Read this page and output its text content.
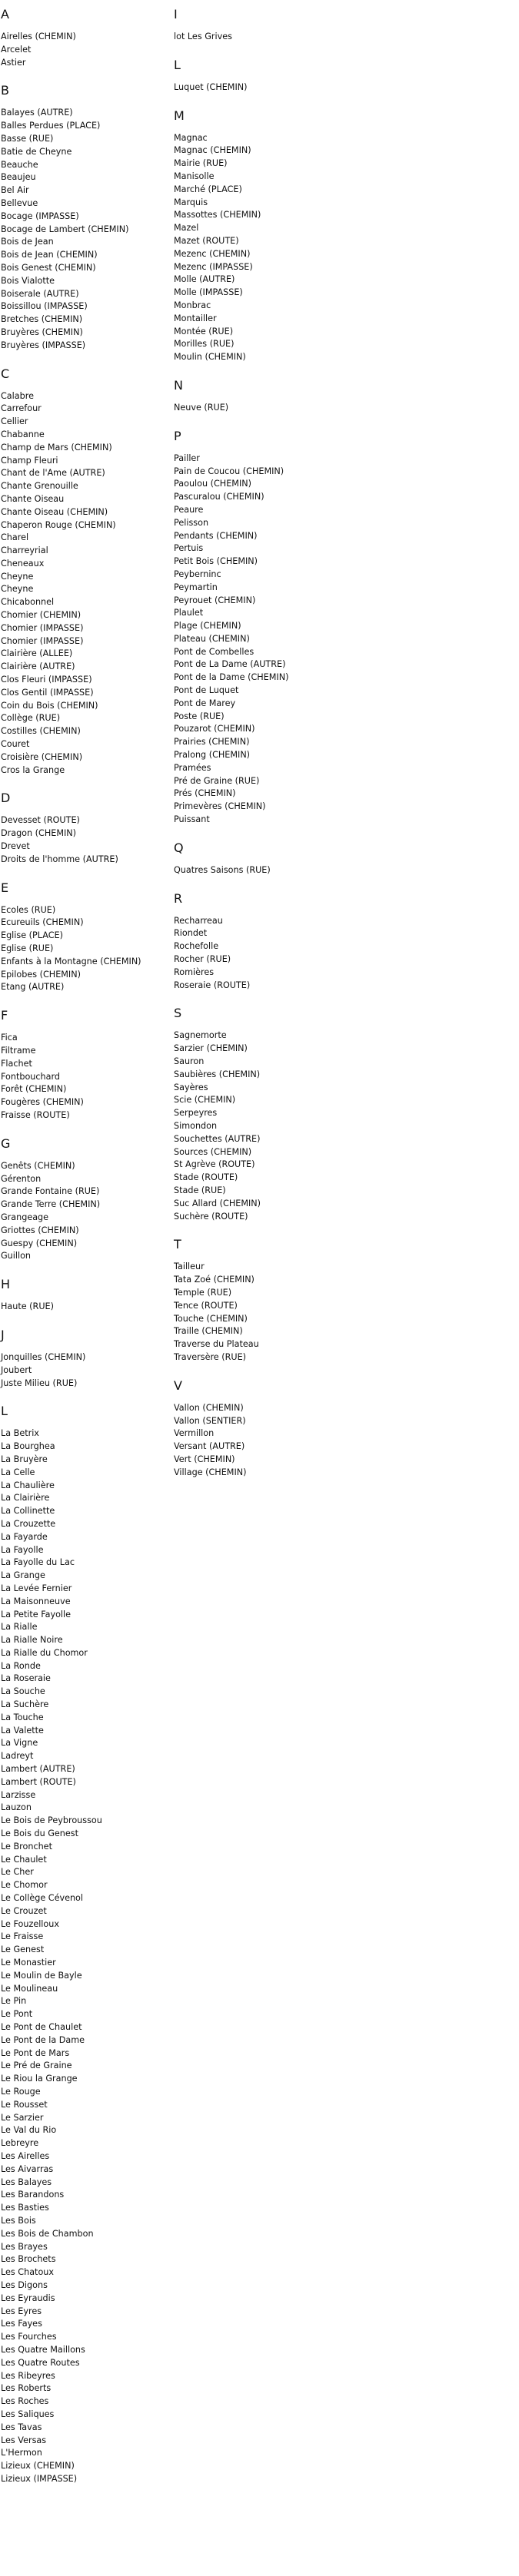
A
Airelles (CHEMIN)
Arcelet
Astier
B
Balayes (AUTRE)
Balles Perdues (PLACE)
Basse (RUE)
Batie de Cheyne
Beauche
Beaujeu
Bel Air
Bellevue
Bocage (IMPASSE)
Bocage de Lambert (CHEMIN)
Bois de Jean
Bois de Jean (CHEMIN)
Bois Genest (CHEMIN)
Bois Vialotte
Boiserale (AUTRE)
Boissillou (IMPASSE)
Bretches (CHEMIN)
Bruyères (CHEMIN)
Bruyères (IMPASSE)
C
Calabre
Carrefour
Cellier
Chabanne
Champ de Mars (CHEMIN)
Champ Fleuri
Chant de l'Ame (AUTRE)
Chante Grenouille
Chante Oiseau
Chante Oiseau (CHEMIN)
Chaperon Rouge (CHEMIN)
Charel
Charreyrial
Cheneaux
Cheyne
Cheyne
Chicabonnel
Chomier (CHEMIN)
Chomier (IMPASSE)
Chomier (IMPASSE)
Clairière (ALLEE)
Clairière (AUTRE)
Clos Fleuri (IMPASSE)
Clos Gentil (IMPASSE)
Coin du Bois (CHEMIN)
Collège (RUE)
Costilles (CHEMIN)
Couret
Croisière (CHEMIN)
Cros la Grange
D
Devesset (ROUTE)
Dragon (CHEMIN)
Drevet
Droits de l'homme (AUTRE)
E
Ecoles (RUE)
Ecureuils (CHEMIN)
Eglise (PLACE)
Eglise (RUE)
Enfants à la Montagne (CHEMIN)
Epilobes (CHEMIN)
Etang (AUTRE)
F
Fica
Filtrame
Flachet
Fontbouchard
Forêt (CHEMIN)
Fougères (CHEMIN)
Fraisse (ROUTE)
G
Genêts (CHEMIN)
Gérenton
Grande Fontaine (RUE)
Grande Terre (CHEMIN)
Grangeage
Griottes (CHEMIN)
Guespy (CHEMIN)
Guillon
H
Haute (RUE)
J
Jonquilles (CHEMIN)
Joubert
Juste Milieu (RUE)
L
La Betrix
La Bourghea
La Bruyère
La Celle
La Chaulière
La Clairière
La Collinette
La Crouzette
La Fayarde
La Fayolle
La Fayolle du Lac
La Grange
La Levée Fernier
La Maisonneuve
La Petite Fayolle
La Rialle
La Rialle Noire
La Rialle du Chomor
La Ronde
La Roseraie
La Souche
La Suchère
La Touche
La Valette
La Vigne
Ladreyt
Lambert (AUTRE)
Lambert (ROUTE)
Larzisse
Lauzon
Le Bois de Peybroussou
Le Bois du Genest
Le Bronchet
Le Chaulet
Le Cher
Le Chomor
Le Collège Cévenol
Le Crouzet
Le Fouzelloux
Le Fraisse
Le Genest
Le Monastier
Le Moulin de Bayle
Le Moulineau
Le Pin
Le Pont
Le Pont de Chaulet
Le Pont de la Dame
Le Pont de Mars
Le Pré de Graine
Le Riou la Grange
Le Rouge
Le Rousset
Le Sarzier
Le Val du Rio
Lebreyre
Les Airelles
Les Aivarras
Les Balayes
Les Barandons
Les Basties
Les Bois
Les Bois de Chambon
Les Brayes
Les Brochets
Les Chatoux
Les Digons
Les Eyraudis
Les Eyres
Les Fayes
Les Fourches
Les Quatre Maillons
Les Quatre Routes
Les Ribeyres
Les Roberts
Les Roches
Les Saliques
Les Tavas
Les Versas
L'Hermon
Lizieux (CHEMIN)
Lizieux (IMPASSE)
I
lot Les Grives
L
Luquet (CHEMIN)
M
Magnac
Magnac (CHEMIN)
Mairie (RUE)
Manisolle
Marché (PLACE)
Marquis
Massottes (CHEMIN)
Mazel
Mazet (ROUTE)
Mezenc (CHEMIN)
Mezenc (IMPASSE)
Molle (AUTRE)
Molle (IMPASSE)
Monbrac
Montailler
Montée (RUE)
Morilles (RUE)
Moulin (CHEMIN)
N
Neuve (RUE)
P
Pailler
Pain de Coucou (CHEMIN)
Paoulou (CHEMIN)
Pascuralou (CHEMIN)
Peaure
Pelisson
Pendants (CHEMIN)
Pertuis
Petit Bois (CHEMIN)
Peyberninc
Peymartin
Peyrouet (CHEMIN)
Plaulet
Plage (CHEMIN)
Plateau (CHEMIN)
Pont de Combelles
Pont de La Dame (AUTRE)
Pont de la Dame (CHEMIN)
Pont de Luquet
Pont de Marey
Poste (RUE)
Pouzarot (CHEMIN)
Prairies (CHEMIN)
Pralong (CHEMIN)
Pramées
Pré de Graine (RUE)
Prés (CHEMIN)
Primevères (CHEMIN)
Puissant
Q
Quatres Saisons (RUE)
R
Recharreau
Riondet
Rochefolle
Rocher (RUE)
Romières
Roseraie (ROUTE)
S
Sagnemorte
Sarzier (CHEMIN)
Sauron
Saubières (CHEMIN)
Sayères
Scie (CHEMIN)
Serpeyres
Simondon
Souchettes (AUTRE)
Sources (CHEMIN)
St Agrève (ROUTE)
Stade (ROUTE)
Stade (RUE)
Suc Allard (CHEMIN)
Suchère (ROUTE)
T
Tailleur
Tata Zoé (CHEMIN)
Temple (RUE)
Tence (ROUTE)
Touche (CHEMIN)
Traille (CHEMIN)
Traverse du Plateau
Traversère (RUE)
V
Vallon (CHEMIN)
Vallon (SENTIER)
Vermillon
Versant (AUTRE)
Vert (CHEMIN)
Village (CHEMIN)
